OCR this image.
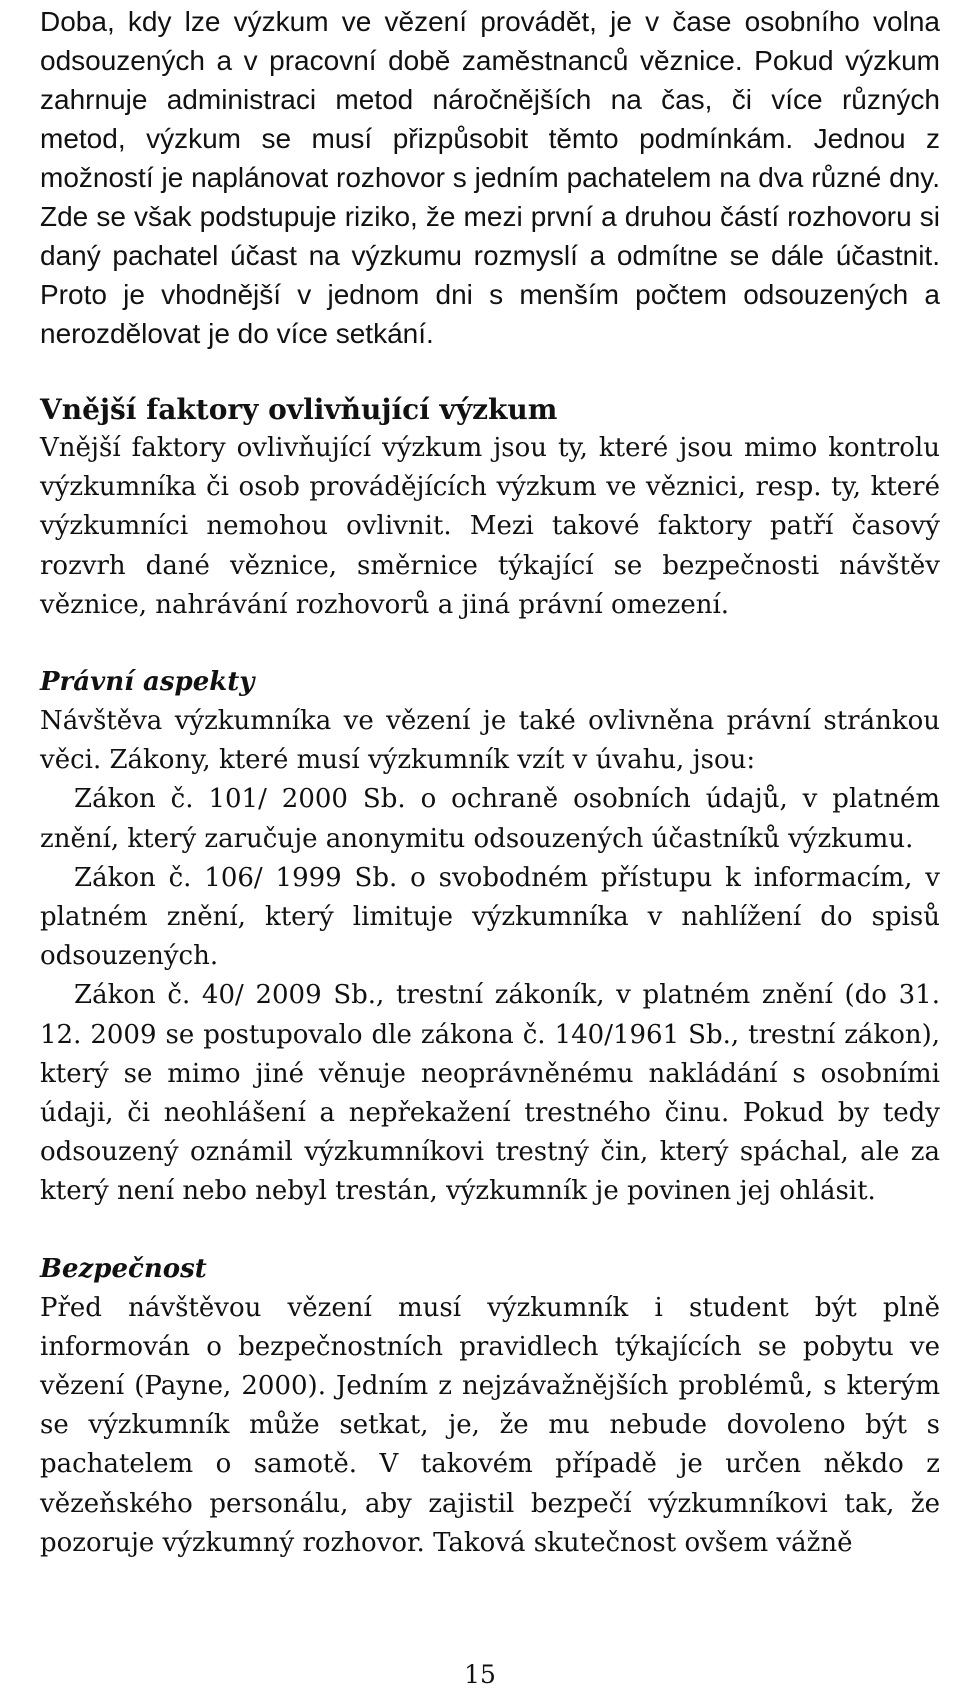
Doba, kdy lze výzkum ve vězení provádět, je v čase osobního volna odsouzených a v pracovní době zaměstnanců věznice. Pokud výzkum zahrnuje administraci metod náročnějších na čas, či více různých metod, výzkum se musí přizpůsobit těmto podmínkám. Jednou z možností je naplánovat rozhovor s jedním pachatelem na dva různé dny. Zde se však podstupuje riziko, že mezi první a druhou částí rozhovoru si daný pachatel účast na výzkumu rozmyslí a odmítne se dále účastnit. Proto je vhodnější v jednom dni s menším počtem odsouzených a nerozdělovat je do více setkání.

Vnější faktory ovlivňující výzkum

Vnější faktory ovlivňující výzkum jsou ty, které jsou mimo kontrolu výzkumníka či osob provádějících výzkum ve věznici, resp. ty, které výzkumníci nemohou ovlivnit. Mezi takové faktory patří časový rozvrh dané věznice, směrnice týkající se bezpečnosti návštěv věznice, nahrávání rozhovorů a jiná právní omezení.

Právní aspekty

Návštěva výzkumníka ve vězení je také ovlivněna právní stránkou věci. Zákony, které musí výzkumník vzít v úvahu, jsou:

Zákon č. 101/ 2000 Sb. o ochraně osobních údajů, v platném znění, který zaručuje anonymitu odsouzených účastníků výzkumu.

Zákon č. 106/ 1999 Sb. o svobodném přístupu k informacím, v platném znění, který limituje výzkumníka v nahlížení do spisů odsouzených.

Zákon č. 40/ 2009 Sb., trestní zákoník, v platném znění (do 31. 12. 2009 se postupovalo dle zákona č. 140/1961 Sb., trestní zákon), který se mimo jiné věnuje neoprávněnému nakládání s osobními údaji, či neohlášení a nepřekažení trestného činu. Pokud by tedy odsouzený oznámil výzkumníkovi trestný čin, který spáchal, ale za který není nebo nebyl trestán, výzkumník je povinen jej ohlásit.

Bezpečnost

Před návštěvou vězení musí výzkumník i student být plně informován o bezpečnostních pravidlech týkajících se pobytu ve vězení (Payne, 2000). Jedním z nejzávažnějších problémů, s kterým se výzkumník může setkat, je, že mu nebude dovoleno být s pachatelem o samotě. V takovém případě je určen někdo z vězeňského personálu, aby zajistil bezpečí výzkumníkovi tak, že pozoruje výzkumný rozhovor. Taková skutečnost ovšem vážně

15
